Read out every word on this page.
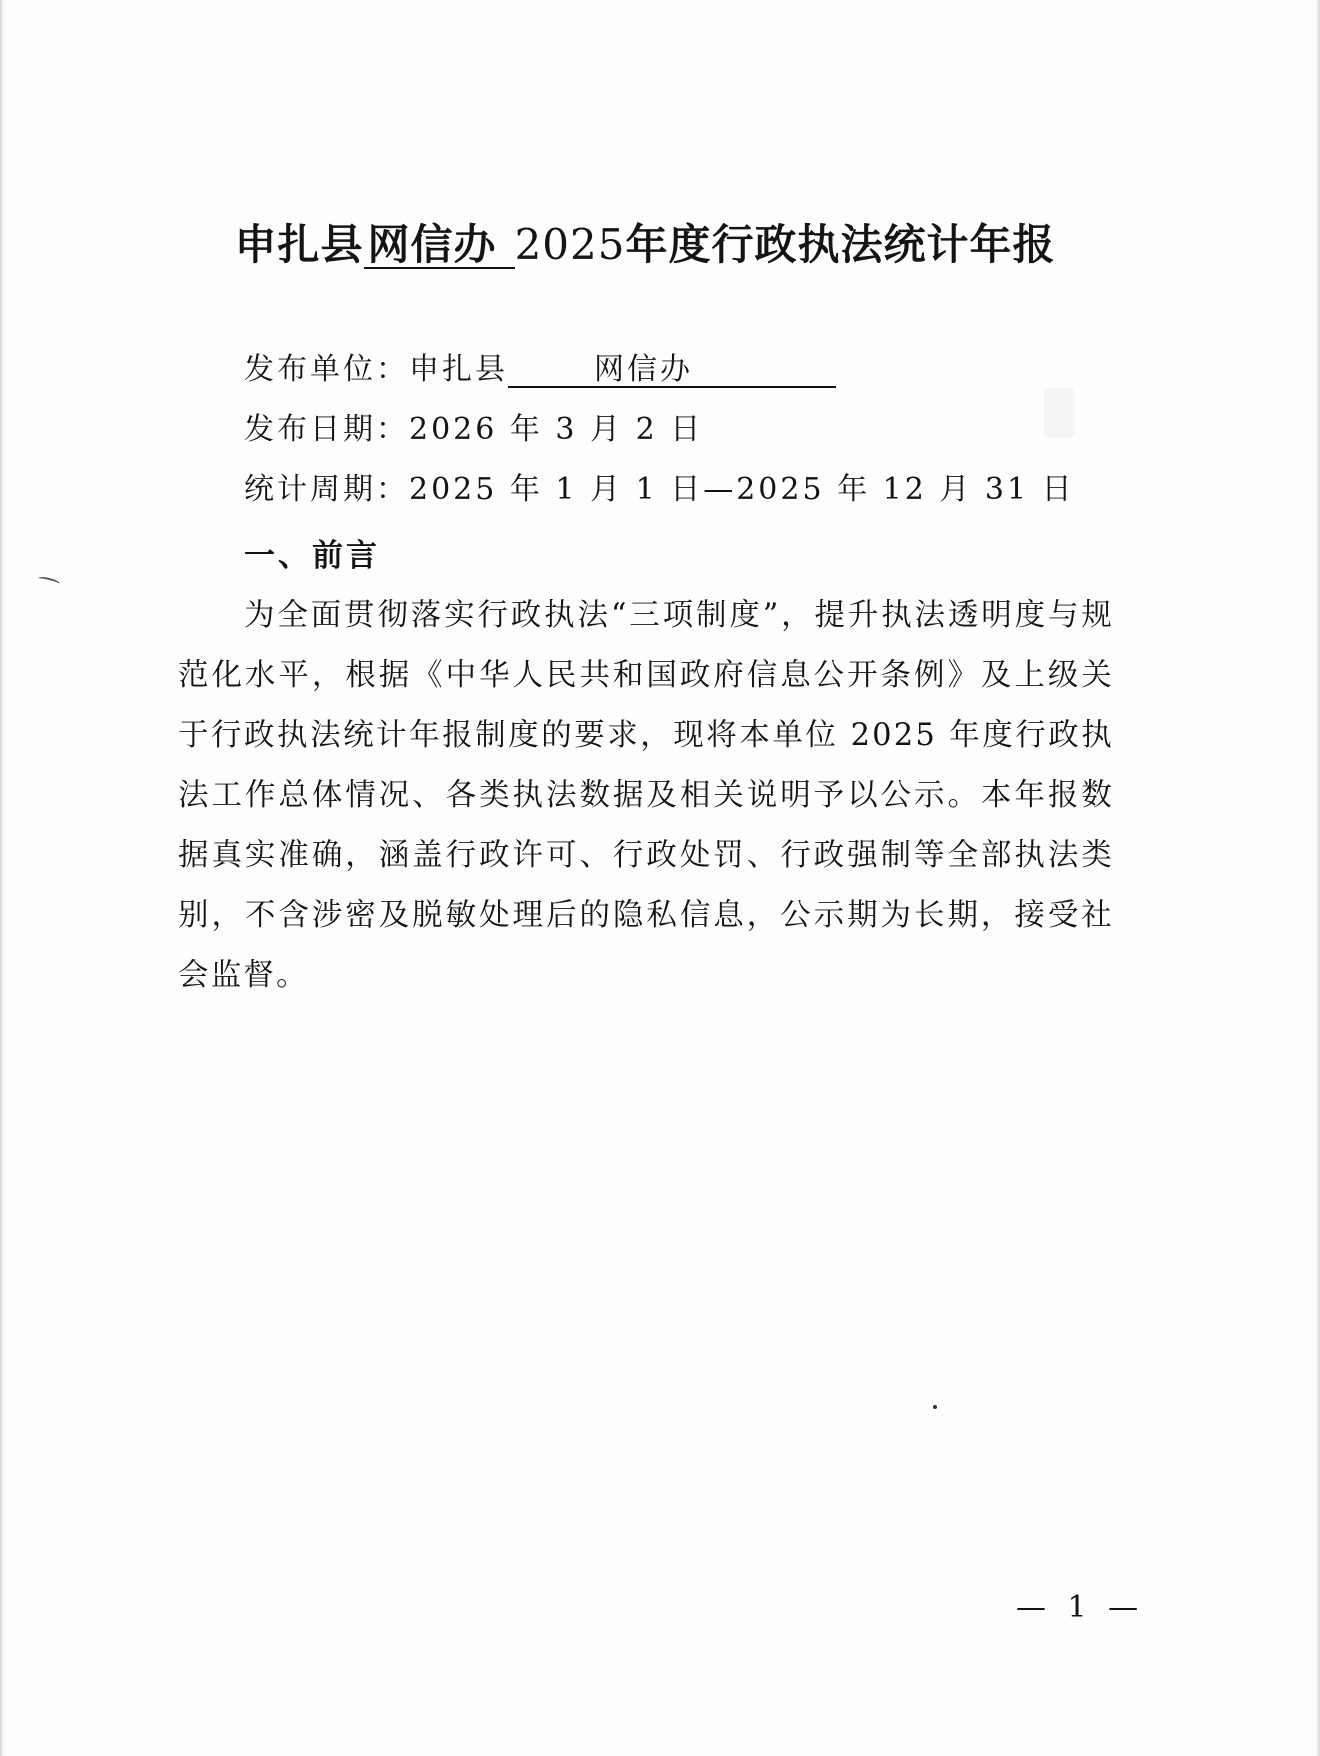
申扎县网信办 2025年度行政执法统计年报
发布单位：申扎县	网信办
发布日期：2026 年 3 月 2 日
统计周期：2025 年 1 月 1 日—2025 年 12 月 31 日
一、前言

为全面贯彻落实行政执法“三项制度”，提升执法透明度与规范化水平，根据《中华人民共和国政府信息公开条例》及上级关于行政执法统计年报制度的要求，现将本单位 2025 年度行政执法工作总体情况、各类执法数据及相关说明予以公示。本年报数据真实准确，涵盖行政许可、行政处罚、行政强制等全部执法类别，不含涉密及脱敏处理后的隐私信息，公示期为长期，接受社会监督。

— 1 —
